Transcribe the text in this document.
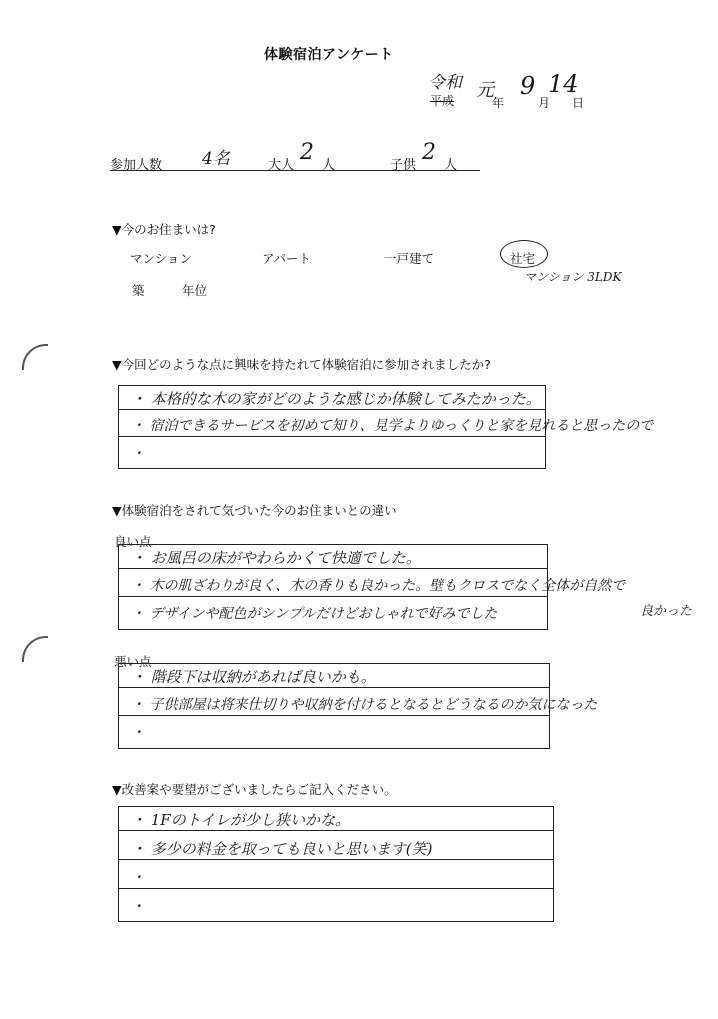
体験宿泊アンケート
令和
平成 元
年
9
月
14
日
参加人数 4名	大人
2
人	子供
2
人
▼今のお住まいは?
マンション	アパート	一戸建て	社宅
マンション 3LDK
築	年位
▼今回どのような点に興味を持たれて体験宿泊に参加されましたか?
・ 本格的な木の家がどのような感じか体験してみたかった。
・ 宿泊できるサービスを初めて知り、見学よりゆっくりと家を見れると思ったので
・
▼体験宿泊をされて気づいた今のお住まいとの違い
良い点
・ お風呂の床がやわらかくて快適でした。
・ 木の肌ざわりが良く、木の香りも良かった。壁もクロスでなく全体が自然で
・ デザインや配色がシンプルだけどおしゃれで好みでした	良かった
悪い点
・ 階段下は収納があれば良いかも。
・ 子供部屋は将来仕切りや収納を付けるとなるとどうなるのか気になった
・
▼改善案や要望がございましたらご記入ください。
・ 1Fのトイレが少し狭いかな。
・ 多少の料金を取っても良いと思います(笑)
・
・
